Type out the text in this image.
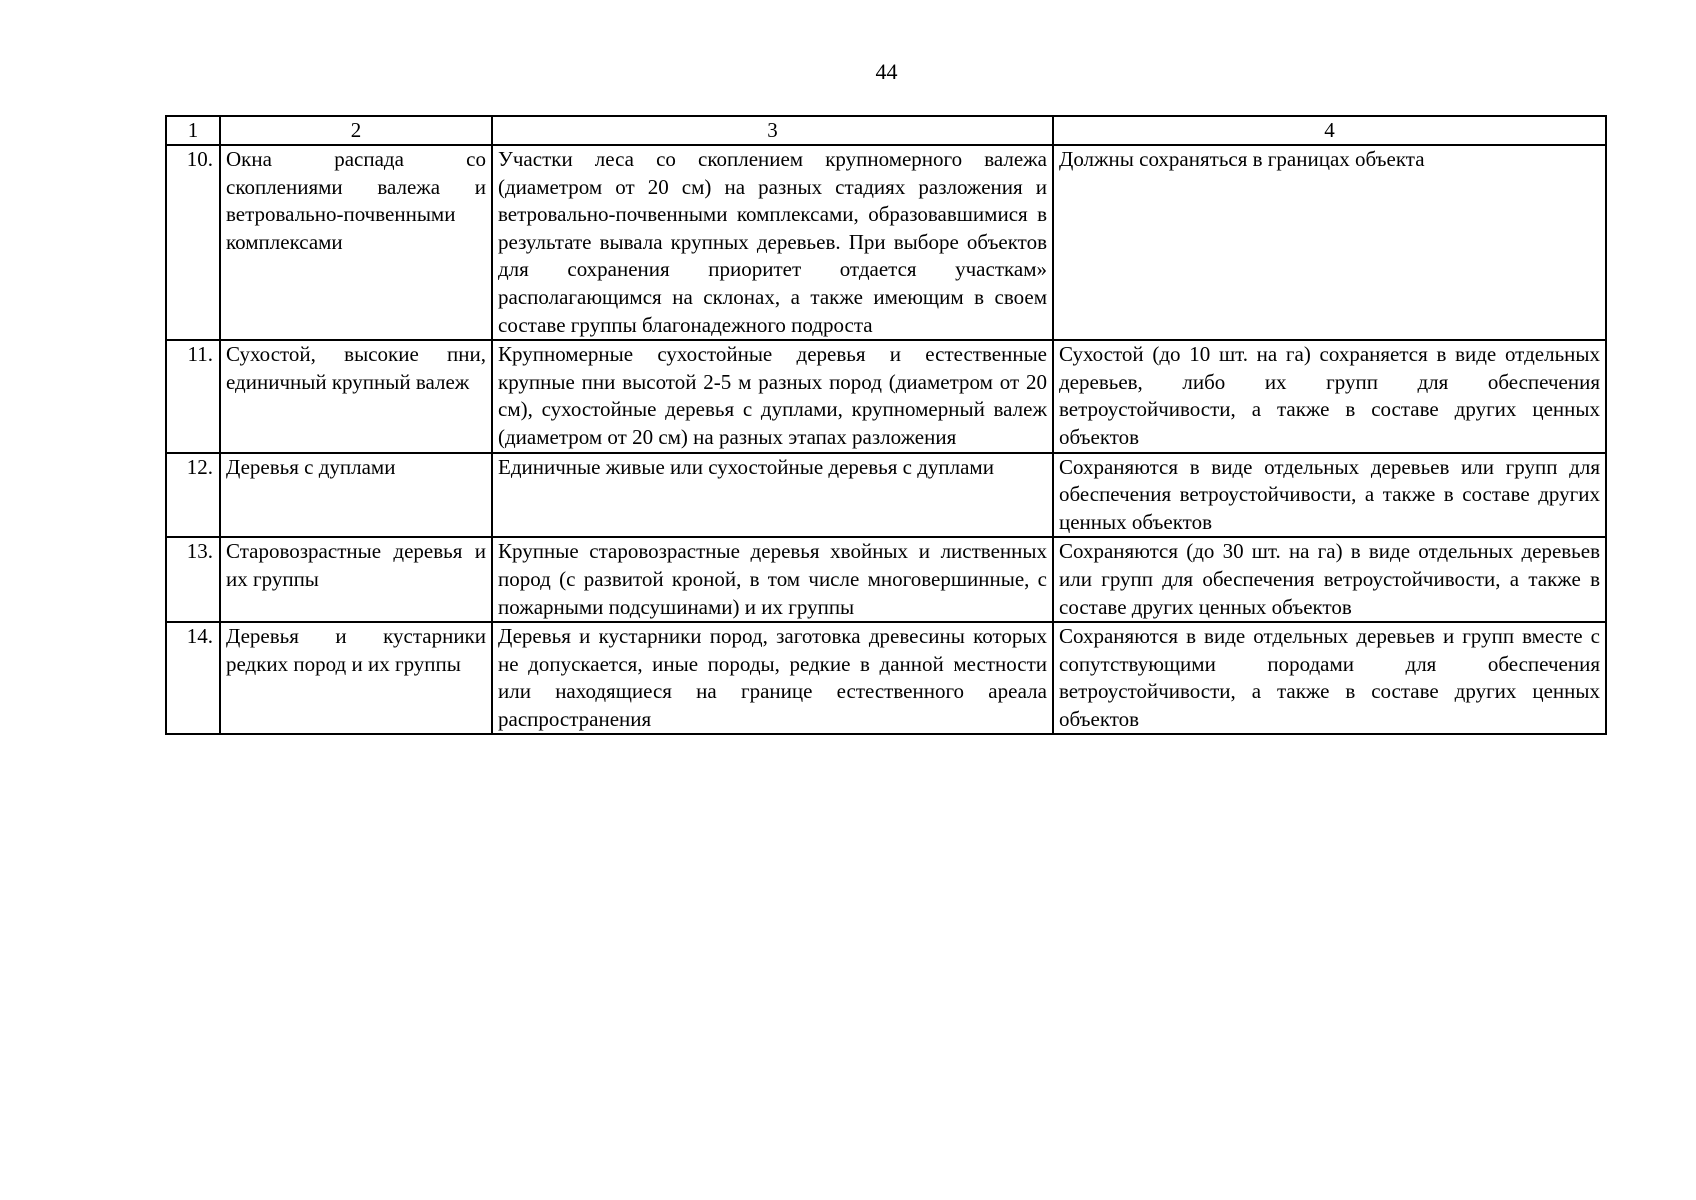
44
1	2	3	4
10.	Окна распада со скоплениями валежа и ветровально-почвенными комплексами	Участки леса со скоплением крупномерного валежа (диаметром от 20 см) на разных стадиях разложения и ветровально-почвенными комплексами, образовавшимися в результате вывала крупных деревьев. При выборе объектов для сохранения приоритет отдается участкам» располагающимся на склонах, а также имеющим в своем составе группы благонадежного подроста	Должны сохраняться в границах объекта
11.	Сухостой, высокие пни, единичный крупный валеж	Крупномерные сухостойные деревья и естественные крупные пни высотой 2-5 м разных пород (диаметром от 20 см), сухостойные деревья с дуплами, крупномерный валеж (диаметром от 20 см) на разных этапах разложения	Сухостой (до 10 шт. на га) сохраняется в виде отдельных деревьев, либо их групп для обеспечения ветроустойчивости, а также в составе других ценных объектов
12.	Деревья с дуплами	Единичные живые или сухостойные деревья с дуплами	Сохраняются в виде отдельных деревьев или групп для обеспечения ветроустойчивости, а также в составе других ценных объектов
13.	Старовозрастные деревья и их группы	Крупные старовозрастные деревья хвойных и лиственных пород (с развитой кроной, в том числе многовершинные, с пожарными подсушинами) и их группы	Сохраняются (до 30 шт. на га) в виде отдельных деревьев или групп для обеспечения ветроустойчивости, а также в составе других ценных объектов
14.	Деревья и кустарники редких пород и их группы	Деревья и кустарники пород, заготовка древесины которых не допускается, иные породы, редкие в данной местности или находящиеся на границе естественного ареала распространения	Сохраняются в виде отдельных деревьев и групп вместе с сопутствующими породами для обеспечения ветроустойчивости, а также в составе других ценных объектов
